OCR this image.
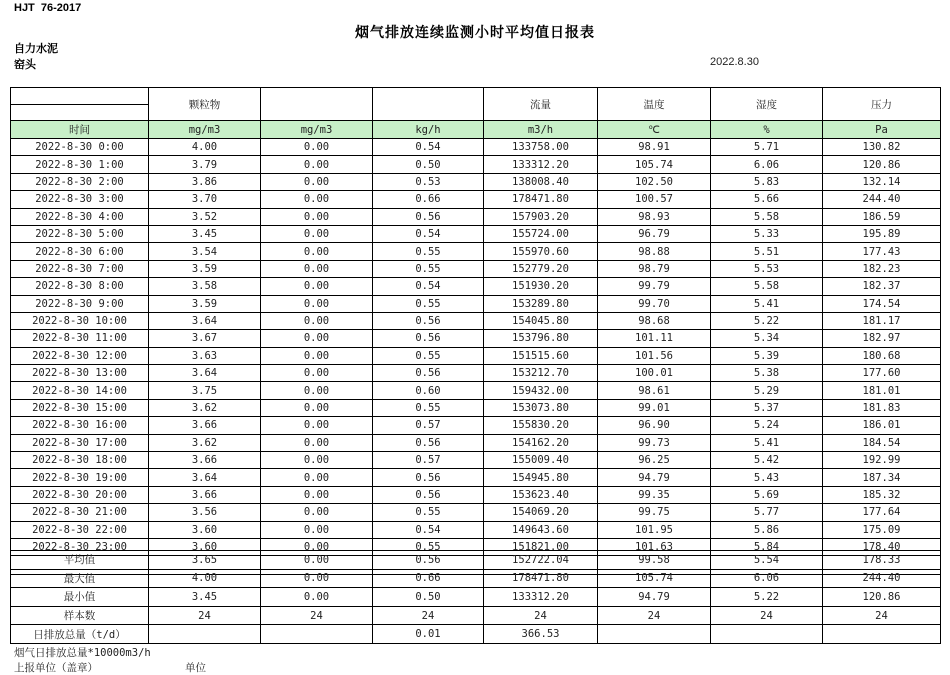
HJT  76-2017
烟气排放连续监测小时平均值日报表
自力水泥
窑头	2022.8.30
	颗粒物			流量	温度	湿度	压力

时间	mg/m3	mg/m3	kg/h	m3/h	℃	%	Pa
2022-8-30 0:00	4.00	0.00	0.54	133758.00	98.91	5.71	130.82
2022-8-30 1:00	3.79	0.00	0.50	133312.20	105.74	6.06	120.86
2022-8-30 2:00	3.86	0.00	0.53	138008.40	102.50	5.83	132.14
2022-8-30 3:00	3.70	0.00	0.66	178471.80	100.57	5.66	244.40
2022-8-30 4:00	3.52	0.00	0.56	157903.20	98.93	5.58	186.59
2022-8-30 5:00	3.45	0.00	0.54	155724.00	96.79	5.33	195.89
2022-8-30 6:00	3.54	0.00	0.55	155970.60	98.88	5.51	177.43
2022-8-30 7:00	3.59	0.00	0.55	152779.20	98.79	5.53	182.23
2022-8-30 8:00	3.58	0.00	0.54	151930.20	99.79	5.58	182.37
2022-8-30 9:00	3.59	0.00	0.55	153289.80	99.70	5.41	174.54
2022-8-30 10:00	3.64	0.00	0.56	154045.80	98.68	5.22	181.17
2022-8-30 11:00	3.67	0.00	0.56	153796.80	101.11	5.34	182.97
2022-8-30 12:00	3.63	0.00	0.55	151515.60	101.56	5.39	180.68
2022-8-30 13:00	3.64	0.00	0.56	153212.70	100.01	5.38	177.60
2022-8-30 14:00	3.75	0.00	0.60	159432.00	98.61	5.29	181.01
2022-8-30 15:00	3.62	0.00	0.55	153073.80	99.01	5.37	181.83
2022-8-30 16:00	3.66	0.00	0.57	155830.20	96.90	5.24	186.01
2022-8-30 17:00	3.62	0.00	0.56	154162.20	99.73	5.41	184.54
2022-8-30 18:00	3.66	0.00	0.57	155009.40	96.25	5.42	192.99
2022-8-30 19:00	3.64	0.00	0.56	154945.80	94.79	5.43	187.34
2022-8-30 20:00	3.66	0.00	0.56	153623.40	99.35	5.69	185.32
2022-8-30 21:00	3.56	0.00	0.55	154069.20	99.75	5.77	177.64
2022-8-30 22:00	3.60	0.00	0.54	149643.60	101.95	5.86	175.09
2022-8-30 23:00	3.60	0.00	0.55	151821.00	101.63	5.84	178.40

平均值	3.65	0.00	0.56	152722.04	99.58	5.54	178.33
最大值	4.00	0.00	0.66	178471.80	105.74	6.06	244.40
最小值	3.45	0.00	0.50	133312.20	94.79	5.22	120.86
样本数	24	24	24	24	24	24	24
日排放总量（t/d）			0.01	366.53			
烟气日排放总量*10000m3/h
上报单位（盖章）	单位
